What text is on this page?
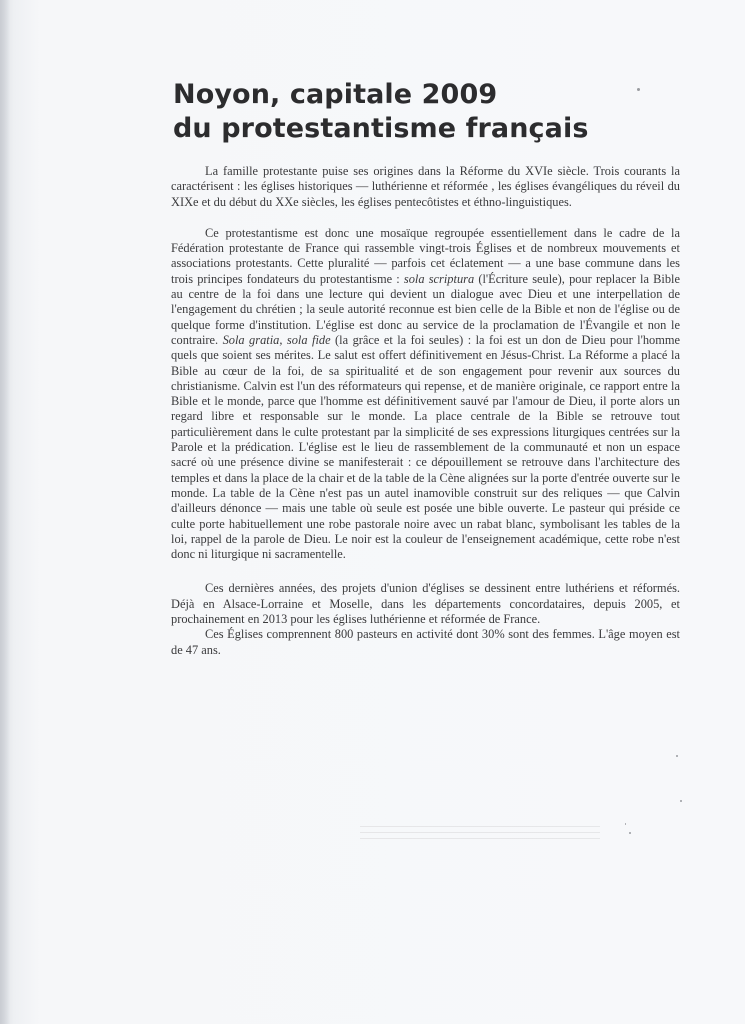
Noyon, capitale 2009
du protestantisme français

La famille protestante puise ses origines dans la Réforme du XVIe siècle. Trois courants la caractérisent : les églises historiques — luthérienne et réformée , les églises évangéliques du réveil du XIXe et du début du XXe siècles, les églises pentecôtistes et éthno-linguistiques.

Ce protestantisme est donc une mosaïque regroupée essentiellement dans le cadre de la Fédération protestante de France qui rassemble vingt-trois Églises et de nombreux mouvements et associations protestants. Cette pluralité — parfois cet éclatement — a une base commune dans les trois principes fondateurs du protestantisme : sola scriptura (l'Écriture seule), pour replacer la Bible au centre de la foi dans une lecture qui devient un dialogue avec Dieu et une interpellation de l'engagement du chrétien ; la seule autorité reconnue est bien celle de la Bible et non de l'église ou de quelque forme d'institution. L'église est donc au service de la proclamation de l'Évangile et non le contraire. Sola gratia, sola fide (la grâce et la foi seules) : la foi est un don de Dieu pour l'homme quels que soient ses mérites. Le salut est offert définitivement en Jésus-Christ. La Réforme a placé la Bible au cœur de la foi, de sa spiritualité et de son engagement pour revenir aux sources du christianisme. Calvin est l'un des réformateurs qui repense, et de manière originale, ce rapport entre la Bible et le monde, parce que l'homme est définitivement sauvé par l'amour de Dieu, il porte alors un regard libre et responsable sur le monde. La place centrale de la Bible se retrouve tout particulièrement dans le culte protestant par la simplicité de ses expressions liturgiques centrées sur la Parole et la prédication. L'église est le lieu de rassemblement de la communauté et non un espace sacré où une présence divine se manifesterait : ce dépouillement se retrouve dans l'architecture des temples et dans la place de la chair et de la table de la Cène alignées sur la porte d'entrée ouverte sur le monde. La table de la Cène n'est pas un autel inamovible construit sur des reliques — que Calvin d'ailleurs dénonce — mais une table où seule est posée une bible ouverte. Le pasteur qui préside ce culte porte habituellement une robe pastorale noire avec un rabat blanc, symbolisant les tables de la loi, rappel de la parole de Dieu. Le noir est la couleur de l'enseignement académique, cette robe n'est donc ni liturgique ni sacramentelle.

Ces dernières années, des projets d'union d'églises se dessinent entre luthériens et réformés. Déjà en Alsace-Lorraine et Moselle, dans les départements concordataires, depuis 2005, et prochainement en 2013 pour les églises luthérienne et réformée de France.

Ces Églises comprennent 800 pasteurs en activité dont 30% sont des femmes. L'âge moyen est de 47 ans.
